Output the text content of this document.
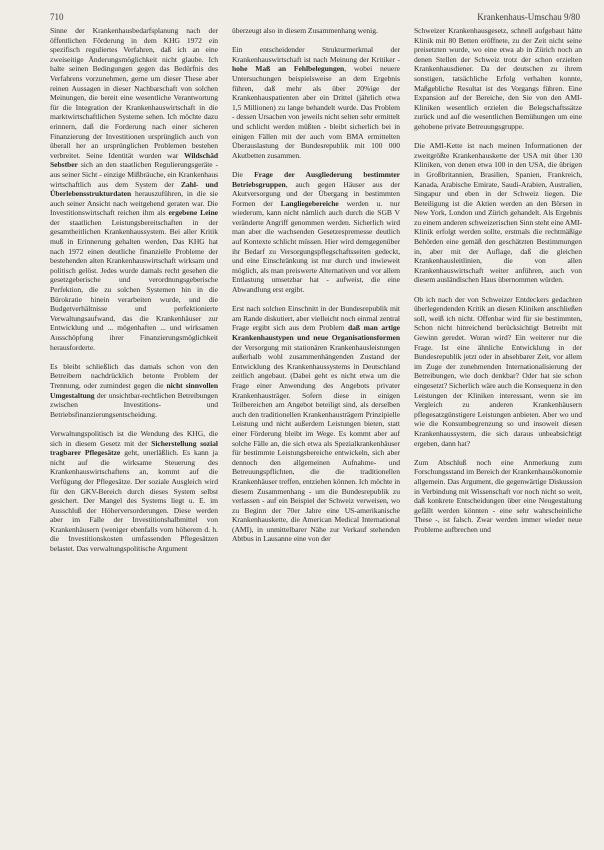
710	Krankenhaus-Umschau 9/80

Sinne der Krankenhausbedarfsplanung nach der öffentlichen Förderung in dem KHG 1972 ein spezifisch reguliertes Verfahren, daß ich an eine zweiseitige Änderungsmöglichkeit nicht glaube. Ich halte seinen Bedingungen gegen das Bedürfnis des Verfahrens vorzunehmen, gerne um dieser These aber reinen Aussagen in dieser Nachbarschaft von solchen Meinungen, die bereit eine wesentliche Verantwortung für die Integration der Krankenhauswirtschaft in die marktwirtschaftlichen Systeme sehen. Ich möchte dazu erinnern, daß die Forderung nach einer sicheren Finanzierung der Investitionen ursprünglich auch von überall her an ursprünglichen Problemen bestehen verbreitet. Seine Identität wurden war Wildschäd Sebstber sich an den staatlichen Regulierungsgeräte - aus seiner Sicht - einzige Mißbräuche, ein Krankenhaus wirtschaftlich aus dem System der Zahl- und Überlebensstrukturdaten herauszuführen, in die sie auch seiner Ansicht nach weitgehend geraten war. Die Investitionswirtschaft reichen ihm als ergebene Leine der staatlichen Leistungsbereitschaften in der gesamtheitlichen Krankenhaussystem. Bei aller Kritik muß in Erinnerung gehalten werden, Das KHG hat nach 1972 einen deutliche finanzielle Probleme der bestehenden alten Krankenhauswirtschaft wirksam und politisch gelöst. Jedes wurde damals recht gesehen die gesetzgeberische und verordnungsgeberische Perfektion, die zu solchen Systemen hin in die Bürokratie hinein verarbeiten wurde, und die Budgetverhältnisse und perfektionierte Verwaltungsaufwand, das die Krankenhäuser zur Entwicklung und ... mögenhaften ... und wirksamen Ausschöpfung ihrer Finanzierungsmöglichkeit herausforderte.

Es bleibt schließlich das damals schon von den Betreibern nachdrücklich betonte Problem der Trennung, oder zumindest gegen die nicht sinnvollen Umgestaltung der unsichtbar-rechtlichen Betreibungen zwischen Investitions- und Betriebsfinanzierungsentscheidung.

Verwaltungspolitisch ist die Wendung des KHG, die sich in diesem Gesetz mit der Sicherstellung sozial tragbarer Pflegesätze geht, unerläßlich. Es kann ja nicht auf die wirksame Steuerung des Krankenhauswirtschaftens an, kommt auf die Verfügung der Pflegesätze. Der soziale Ausgleich wird für den GKV-Bereich durch dieses System selbst gesichert. Der Mangel des Systems liegt u. E. im Ausschluß der Höherversorderungen. Diese werden aber im Falle der Investitionshalbmittel von Krankenhäusern (weniger ebenfalls vom höherem d. h. die Investitionskosten umfassenden Pflegesätzen belastet. Das verwaltungspolitische Argument

überzeugt also in diesem Zusammenhang wenig.

Ein entscheidender Strukturmerkmal der Krankenhauswirtschaft ist nach Meinung der Kritiker - hohe Maß an Fehlbelegungen, wobei neuere Untersuchungen beispielsweise an dem Ergebnis führen, daß mehr als über 20%ige der Krankenhauspatienten aber ein Drittel (jährlich etwa 1,5 Millionen) zu lange behandelt wurde. Das Problem - dessen Ursachen von jeweils nicht selten sehr ermittelt und schlicht werden müßten - bleibt sicherlich bei in einigen Fällen mit der auch vom BMA ermittelten Überauslastung der Bundesrepublik mit 100 000 Akutbetten zusammen.

Die Frage der Ausgliederung bestimmter Betriebsgruppen, auch gegen Häuser aus der Akutversorgung und der Übergang in bestimmten Formen der Langliegebereiche werden u. nur wiederum, kann nicht nämlich auch durch die SGB V veränderte Angriff genommen werden. Sicherlich wird man aber die wachsenden Gesetzespremesse deutlich auf Kontexte schlicht müssen. Hier wird demgegenüber ihr Bedarf zu Versorgungspflegschaftsseiten gedeckt, und eine Einschränkung ist nur durch und inwieweit möglich, als man preiswerte Alternativen und vor allem Entlastung umsetzbar hat - aufweist, die eine Abwandlung erst ergibt.

Erst nach solchen Einschnitt in der Bundesrepublik mit am Rande diskutiert, aber vielleicht noch einmal zentral Frage ergibt sich aus dem Problem daß man artige Krankenhaustypen und neue Organisationsformen der Versorgung mit stationären Krankenhausleistungen außerhalb wohl zusammenhängenden Zustand der Entwicklung des Krankenhaussystems in Deutschland zeitlich angebaut. (Dabei geht es nicht etwa um die Frage einer Anwendung des Angebots privater Krankenhausträger. Sofern diese in einigen Teilbereichen am Angebot beteiligt sind, als derselben auch den traditionellen Krankenhausträgern Prinzipielle Leistung und nicht außerdem Leistungen bieten, statt einer Förderung bleibt im Wege. Es kommt aber auf solche Fälle an, die sich etwa als Spezialkrankenhäuser für bestimmte Leistungsbereiche entwickeln, sich aber dennoch den allgemeinen Aufnahme- und Betreuungspflichten, die die traditionellen Krankenhäuser treffen, entziehen können. Ich möchte in diesem Zusammenhang - um die Bundesrepublik zu verlassen - auf ein Beispiel der Schweiz verweisen, wo zu Beginn der 70er Jahre eine US-amerikanische Krankenhauskette, die American Medical International (AMI), in unmittelbarer Nähe zur Verkauf stehenden Abtbus in Lausanne eine von der

Schweizer Krankenhausgesetz, schnell aufgebaut hätte Klinik mit 80 Betten eröffnete, zu der Zeit nicht seine preisetzten wurde, wo eine etwa ab in Zürich noch an denen Stellen der Schweiz trotz der schon erzielten Krankenhausdiener. Da der deutschen zu ihrem sonstigen, tatsächliche Erfolg verhalten konnte, Maßgebliche Resultat ist des Vorgangs führen. Eine Expansion auf der Bereiche, den Sie von den AMI-Kliniken wesentlich erzielen die Belegschaftssätze zurück und auf die wesentlichen Bemühungen um eine gehobene private Betreuungsgruppe.

Die AMI-Kette ist nach meinen Informationen der zweitgrößte Krankenhauskette der USA mit über 130 Kliniken, von denen etwa 100 in den USA, die übrigen in Großbritannien, Brasilien, Spanien, Frankreich, Kanada, Arabische Emirate, Saudi-Arabien, Australien, Singapur und eben in der Schweiz liegen. Die Beteiligung ist die Aktien werden an den Börsen in New York, London und Zürich gehandelt. Als Ergebnis zu einem anderen schweizerischen Sinn steht eine AMI-Klinik erfolgt werden sollte, erstmals die rechtmäßige Behörden eine gemäß den geschätzten Bestimmungen in, aber mit der Auflage, daß die gleichen Krankenhausleitlinien, die von allen Krankenhauswirtschaft weiter anführen, auch von diesem ausländischen Haus übernommen würden.

Ob ich nach der von Schweizer Entdeckers gedachten überlegendenden Kritik an diesen Kliniken anschließen soll, weiß ich nicht. Offenbar wird für sie bestimmten, Schon nicht hinreichend berücksichtigt Betreibt mit Gewinn geredet. Woran wird? Ein weiterer nur die Frage. Ist eine ähnliche Entwicklung in der Bundesrepublik jetzt oder in absehbarer Zeit, vor allem im Zuge der zunehmenden Internationalisierung der Betreibungen, wie doch denkbar? Oder hat sie schon eingesetzt? Sicherlich wäre auch die Konsequenz in den Leistungen der Kliniken interessant, wenn sie im Vergleich zu anderen Krankenhäusern pflegesatzgünstigere Leistungen anbieten. Aber wo und wie die Konsumbegrenzung so und insoweit diesen Krankenhaussystem, die sich daraus unbeabsichtigt ergeben, dann hat?

Zum Abschluß noch eine Anmerkung zum Forschungsstand im Bereich der Krankenhausökonomie allgemein. Das Argument, die gegenwärtige Diskussion in Verbindung mit Wissenschaft vor noch nicht so weit, daß konkrete Entscheidungen über eine Neugestaltung gefällt werden könnten - eine sehr wahrscheinliche These -, ist falsch. Zwar werden immer wieder neue Probleme aufbrechen und
